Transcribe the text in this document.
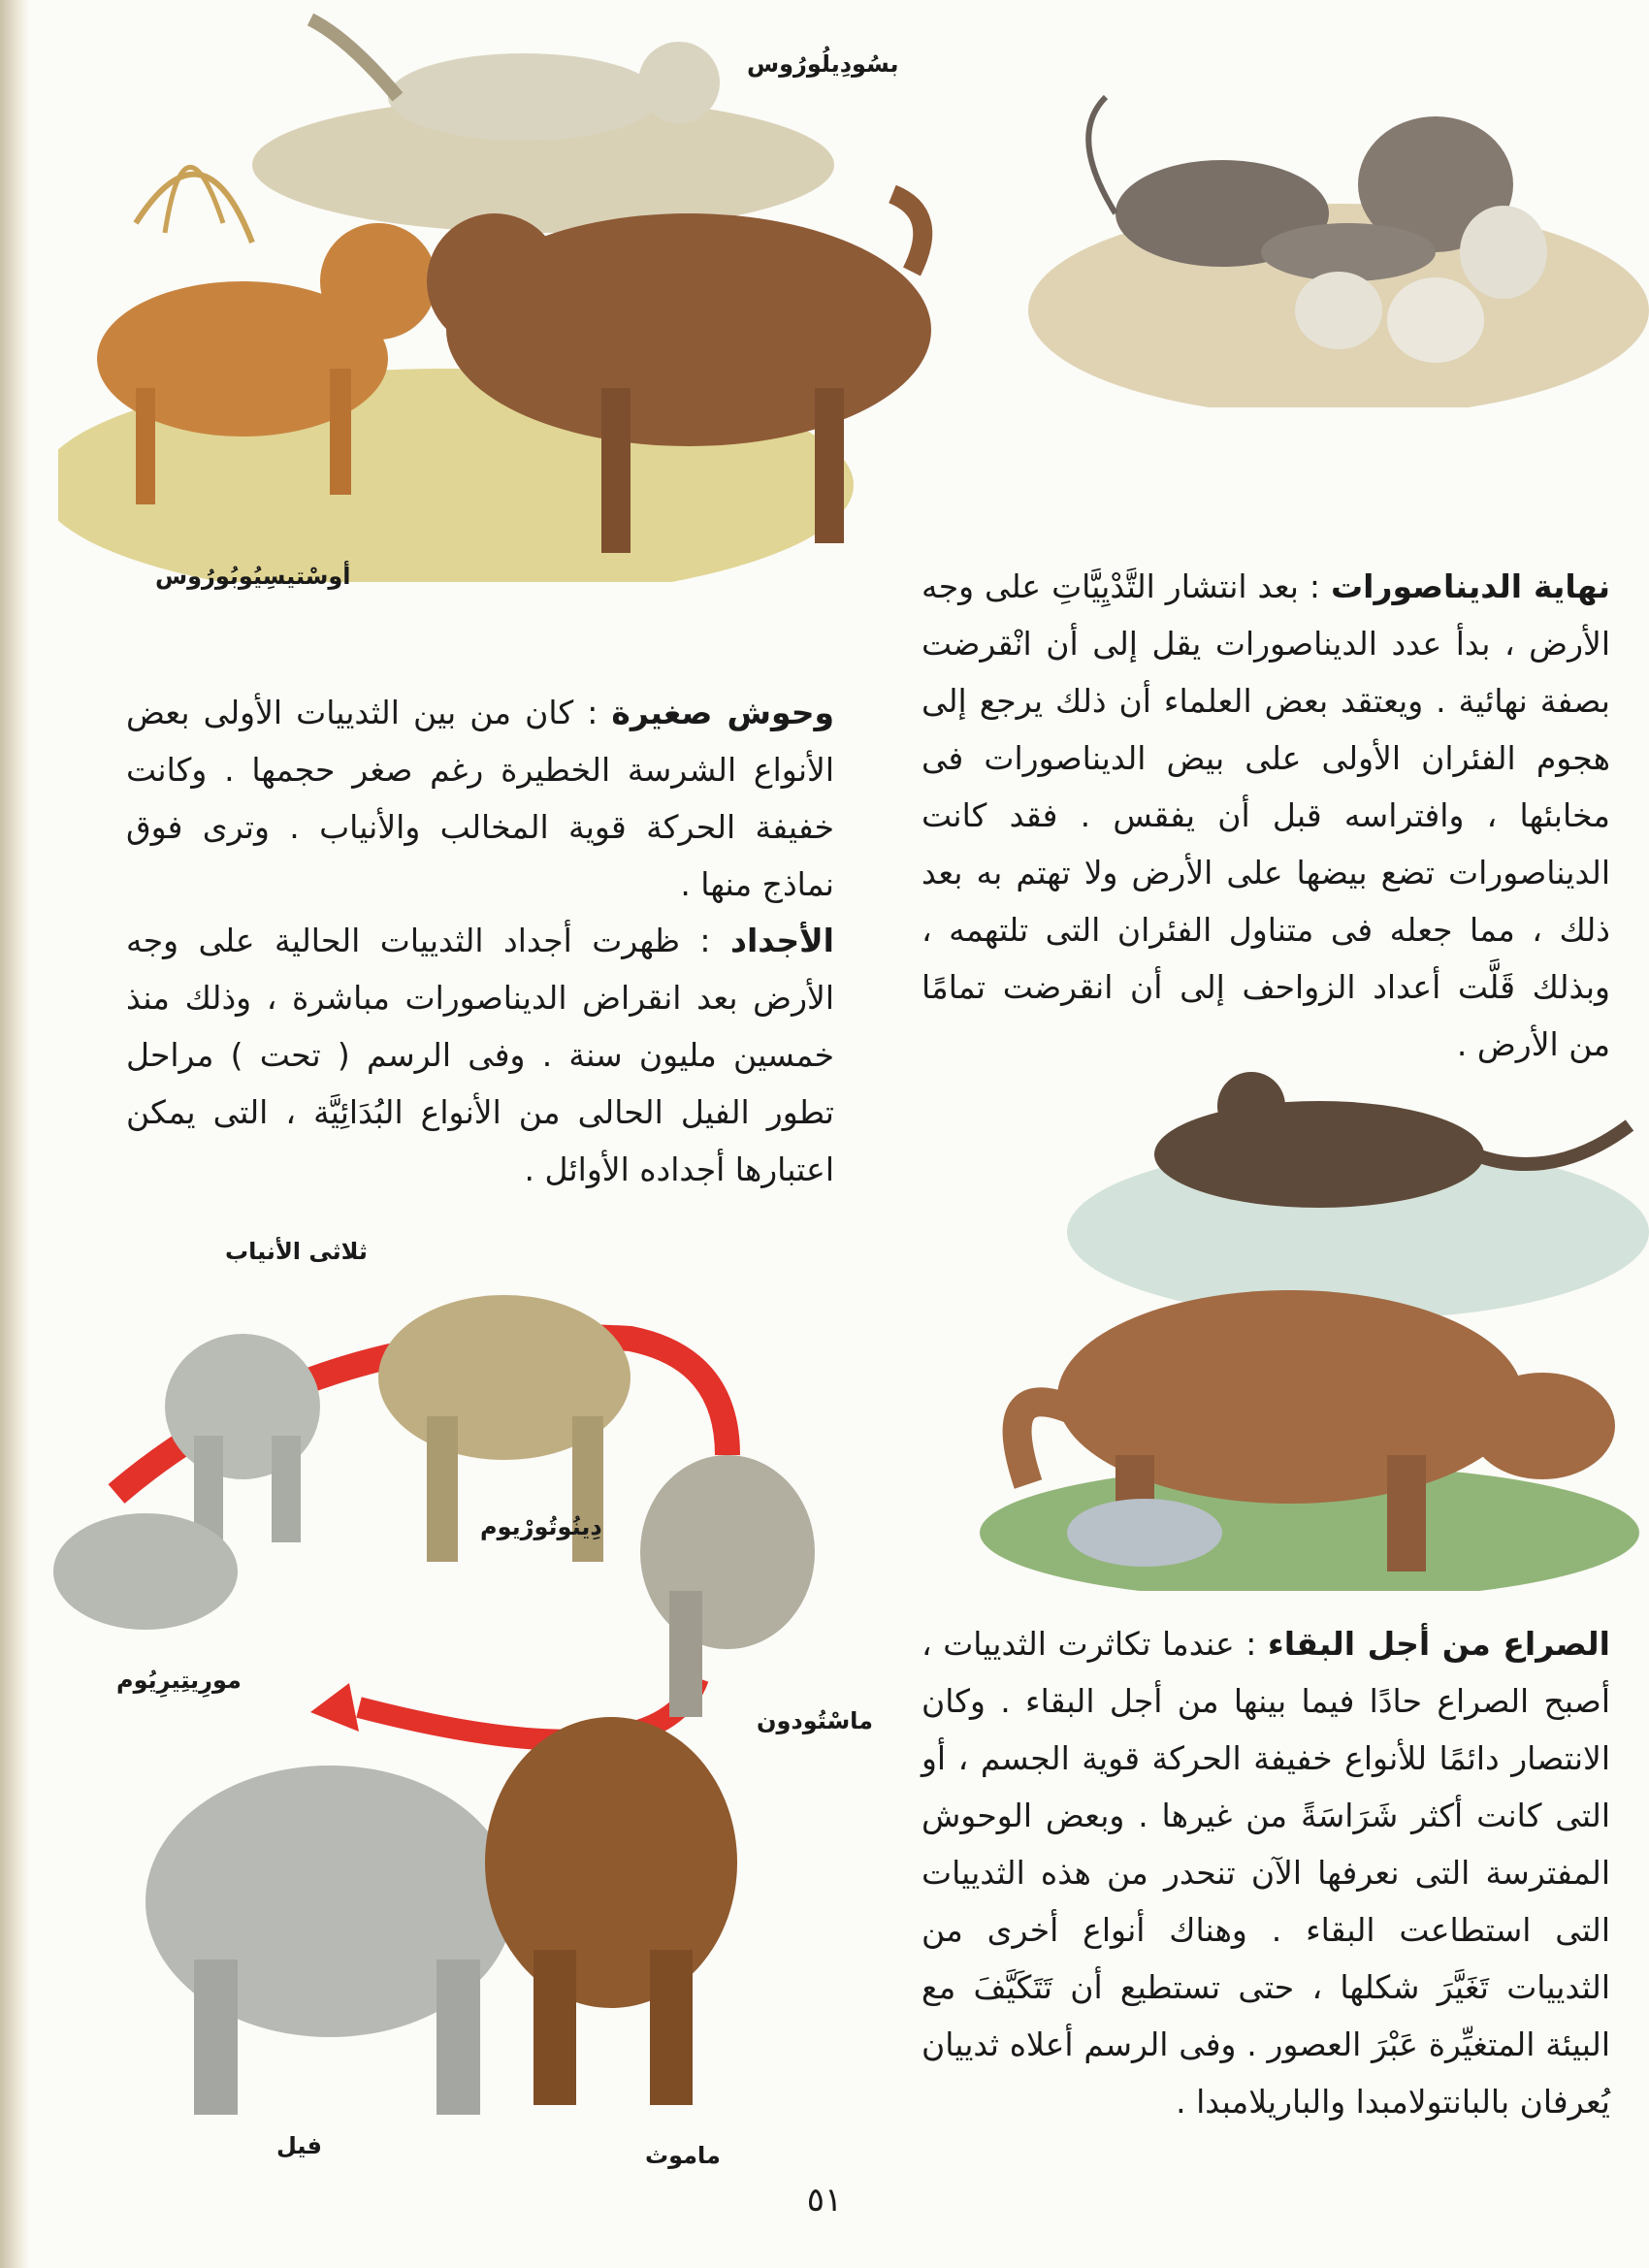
بسُودِيلُورُوس
أوسْتيسِيُوبُورُوس
ثلاثى الأنياب
دِينُوتُورْيوم
مورِيتِيرِيُوم
ماسْتُودون
فيل	ماموث
نهاية الديناصورات : بعد انتشار التَّدْيِيَّاتِ على وجه الأرض ، بدأ عدد الديناصورات يقل إلى أن انْقرضت بصفة نهائية . ويعتقد بعض العلماء أن ذلك يرجع إلى هجوم الفئران الأولى على بيض الديناصورات فى مخابئها ، وافتراسه قبل أن يفقس . فقد كانت الديناصورات تضع بيضها على الأرض ولا تهتم به بعد ذلك ، مما جعله فى متناول الفئران التى تلتهمه ، وبذلك قَلَّت أعداد الزواحف إلى أن انقرضت تمامًا من الأرض .
وحوش صغيرة : كان من بين الثدييات الأولى بعض الأنواع الشرسة الخطيرة رغم صغر حجمها . وكانت خفيفة الحركة قوية المخالب والأنياب . وترى فوق نماذج منها .
الأجداد : ظهرت أجداد الثدييات الحالية على وجه الأرض بعد انقراض الديناصورات مباشرة ، وذلك منذ خمسين مليون سنة . وفى الرسم ( تحت ) مراحل تطور الفيل الحالى من الأنواع البُدَائِيَّة ، التى يمكن اعتبارها أجداده الأوائل .
الصراع من أجل البقاء : عندما تكاثرت الثدييات ، أصبح الصراع حادًا فيما بينها من أجل البقاء . وكان الانتصار دائمًا للأنواع خفيفة الحركة قوية الجسم ، أو التى كانت أكثر شَرَاسَةً من غيرها . وبعض الوحوش المفترسة التى نعرفها الآن تنحدر من هذه الثدييات التى استطاعت البقاء . وهناك أنواع أخرى من الثدييات تَغَيَّرَ شكلها ، حتى تستطيع أن تَتَكَيَّفَ مع البيئة المتغيِّرة عَبْرَ العصور . وفى الرسم أعلاه ثدييان يُعرفان بالبانتولامبدا والباريلامبدا .
٥١
